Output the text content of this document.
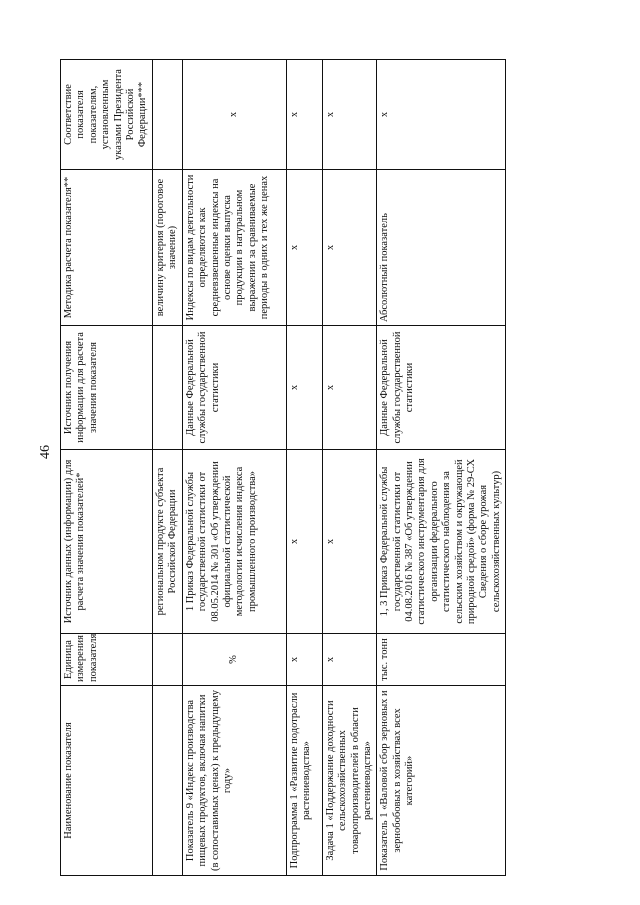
46
Наименование показателя	Единица измерения показателя	Источник данных (информации) для расчета значения показателей*	Источник получения информации для расчета значения показателя	Методика расчета показателя**	Соответствие показателя показателям, установленным указами Президента Российской Федерации***
		региональном продукте субъекта Российской Федерации		величину критерия (пороговое значение)	
Показатель 9 «Индекс производства пищевых продуктов, включая напитки (в сопоставимых ценах) к предыдущему году»	%	1 Приказ Федеральной службы государственной статистики от 08.05.2014 № 301 «Об утверждении официальной статистической методологии исчисления индекса промышленного производства»	Данные Федеральной службы государственной статистики	Индексы по видам деятельности определяются как средневзвешенные индексы на основе оценки выпуска продукции в натуральном выражении за сравниваемые периоды в одних и тех же ценах	x
Подпрограмма 1 «Развитие подотрасли растениеводства»	x	x	x	x	x
Задача 1 «Поддержание доходности сельскохозяйственных товаропроизводителей в области растениеводства»	x	x	x	x	x
Показатель 1 «Валовой сбор зерновых и зернобобовых в хозяйствах всех категорий»	тыс. тонн	1, 3 Приказ Федеральной службы государственной статистики от 04.08.2016 № 387 «Об утверждении статистического инструментария для организации федерального статистического наблюдения за сельским хозяйством и окружающей природной средой» (форма № 29-СХ Сведения о сборе урожая сельскохозяйственных культур)	Данные Федеральной службы государственной статистики	Абсолютный показатель	x
